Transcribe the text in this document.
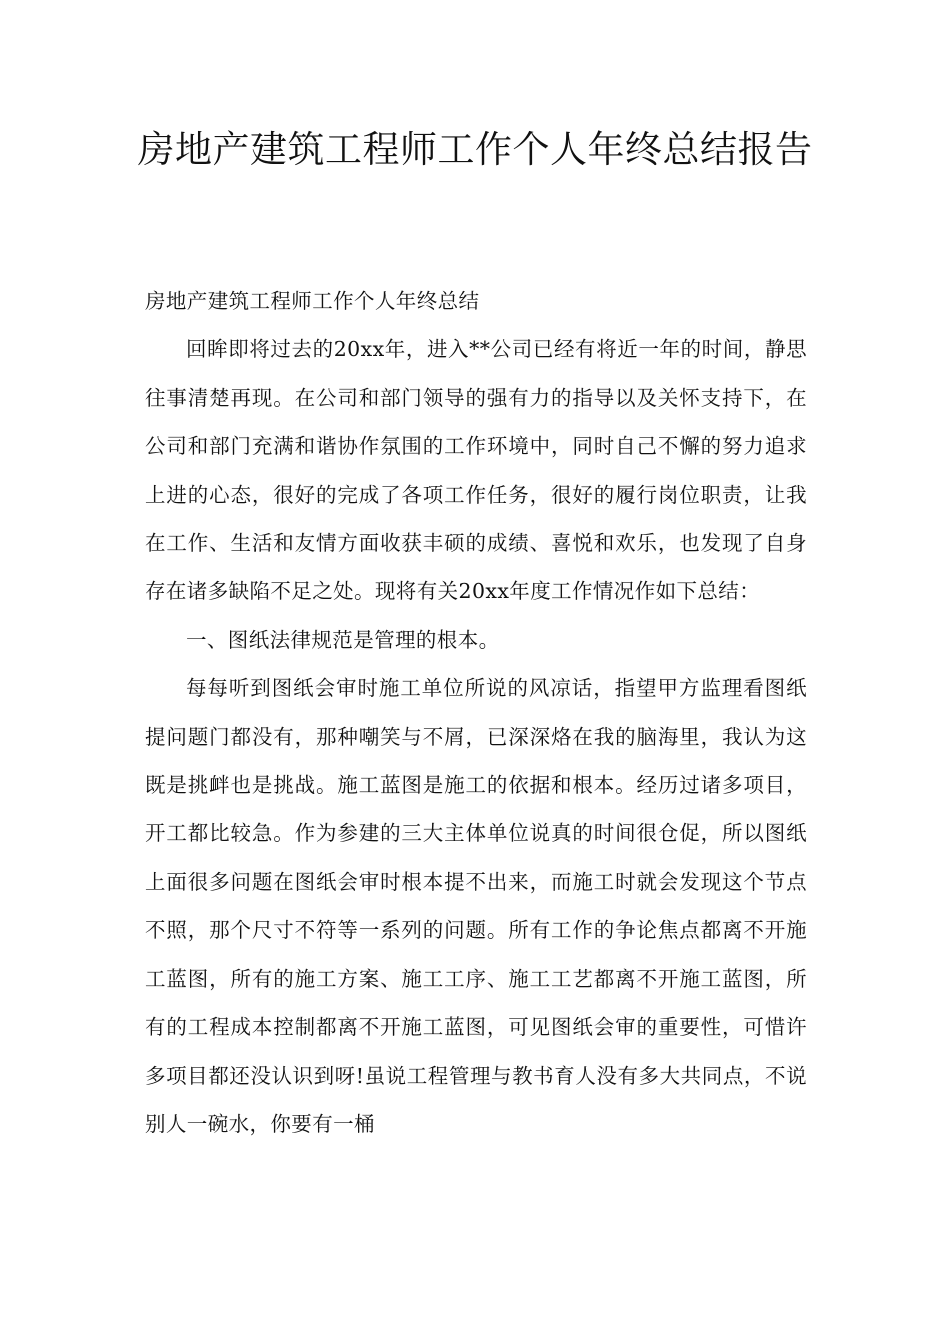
房地产建筑工程师工作个人年终总结报告

房地产建筑工程师工作个人年终总结

回眸即将过去的20xx年，进入**公司已经有将近一年的时间，静思往事清楚再现。在公司和部门领导的强有力的指导以及关怀支持下，在公司和部门充满和谐协作氛围的工作环境中，同时自己不懈的努力追求上进的心态，很好的完成了各项工作任务，很好的履行岗位职责，让我在工作、生活和友情方面收获丰硕的成绩、喜悦和欢乐，也发现了自身存在诸多缺陷不足之处。现将有关20xx年度工作情况作如下总结：

一、图纸法律规范是管理的根本。

每每听到图纸会审时施工单位所说的风凉话，指望甲方监理看图纸提问题门都没有，那种嘲笑与不屑，已深深烙在我的脑海里，我认为这既是挑衅也是挑战。施工蓝图是施工的依据和根本。经历过诸多项目，开工都比较急。作为参建的三大主体单位说真的时间很仓促，所以图纸上面很多问题在图纸会审时根本提不出来，而施工时就会发现这个节点不照，那个尺寸不符等一系列的问题。所有工作的争论焦点都离不开施工蓝图，所有的施工方案、施工工序、施工工艺都离不开施工蓝图，所有的工程成本控制都离不开施工蓝图，可见图纸会审的重要性，可惜许多项目都还没认识到呀!虽说工程管理与教书育人没有多大共同点，不说别人一碗水，你要有一桶
